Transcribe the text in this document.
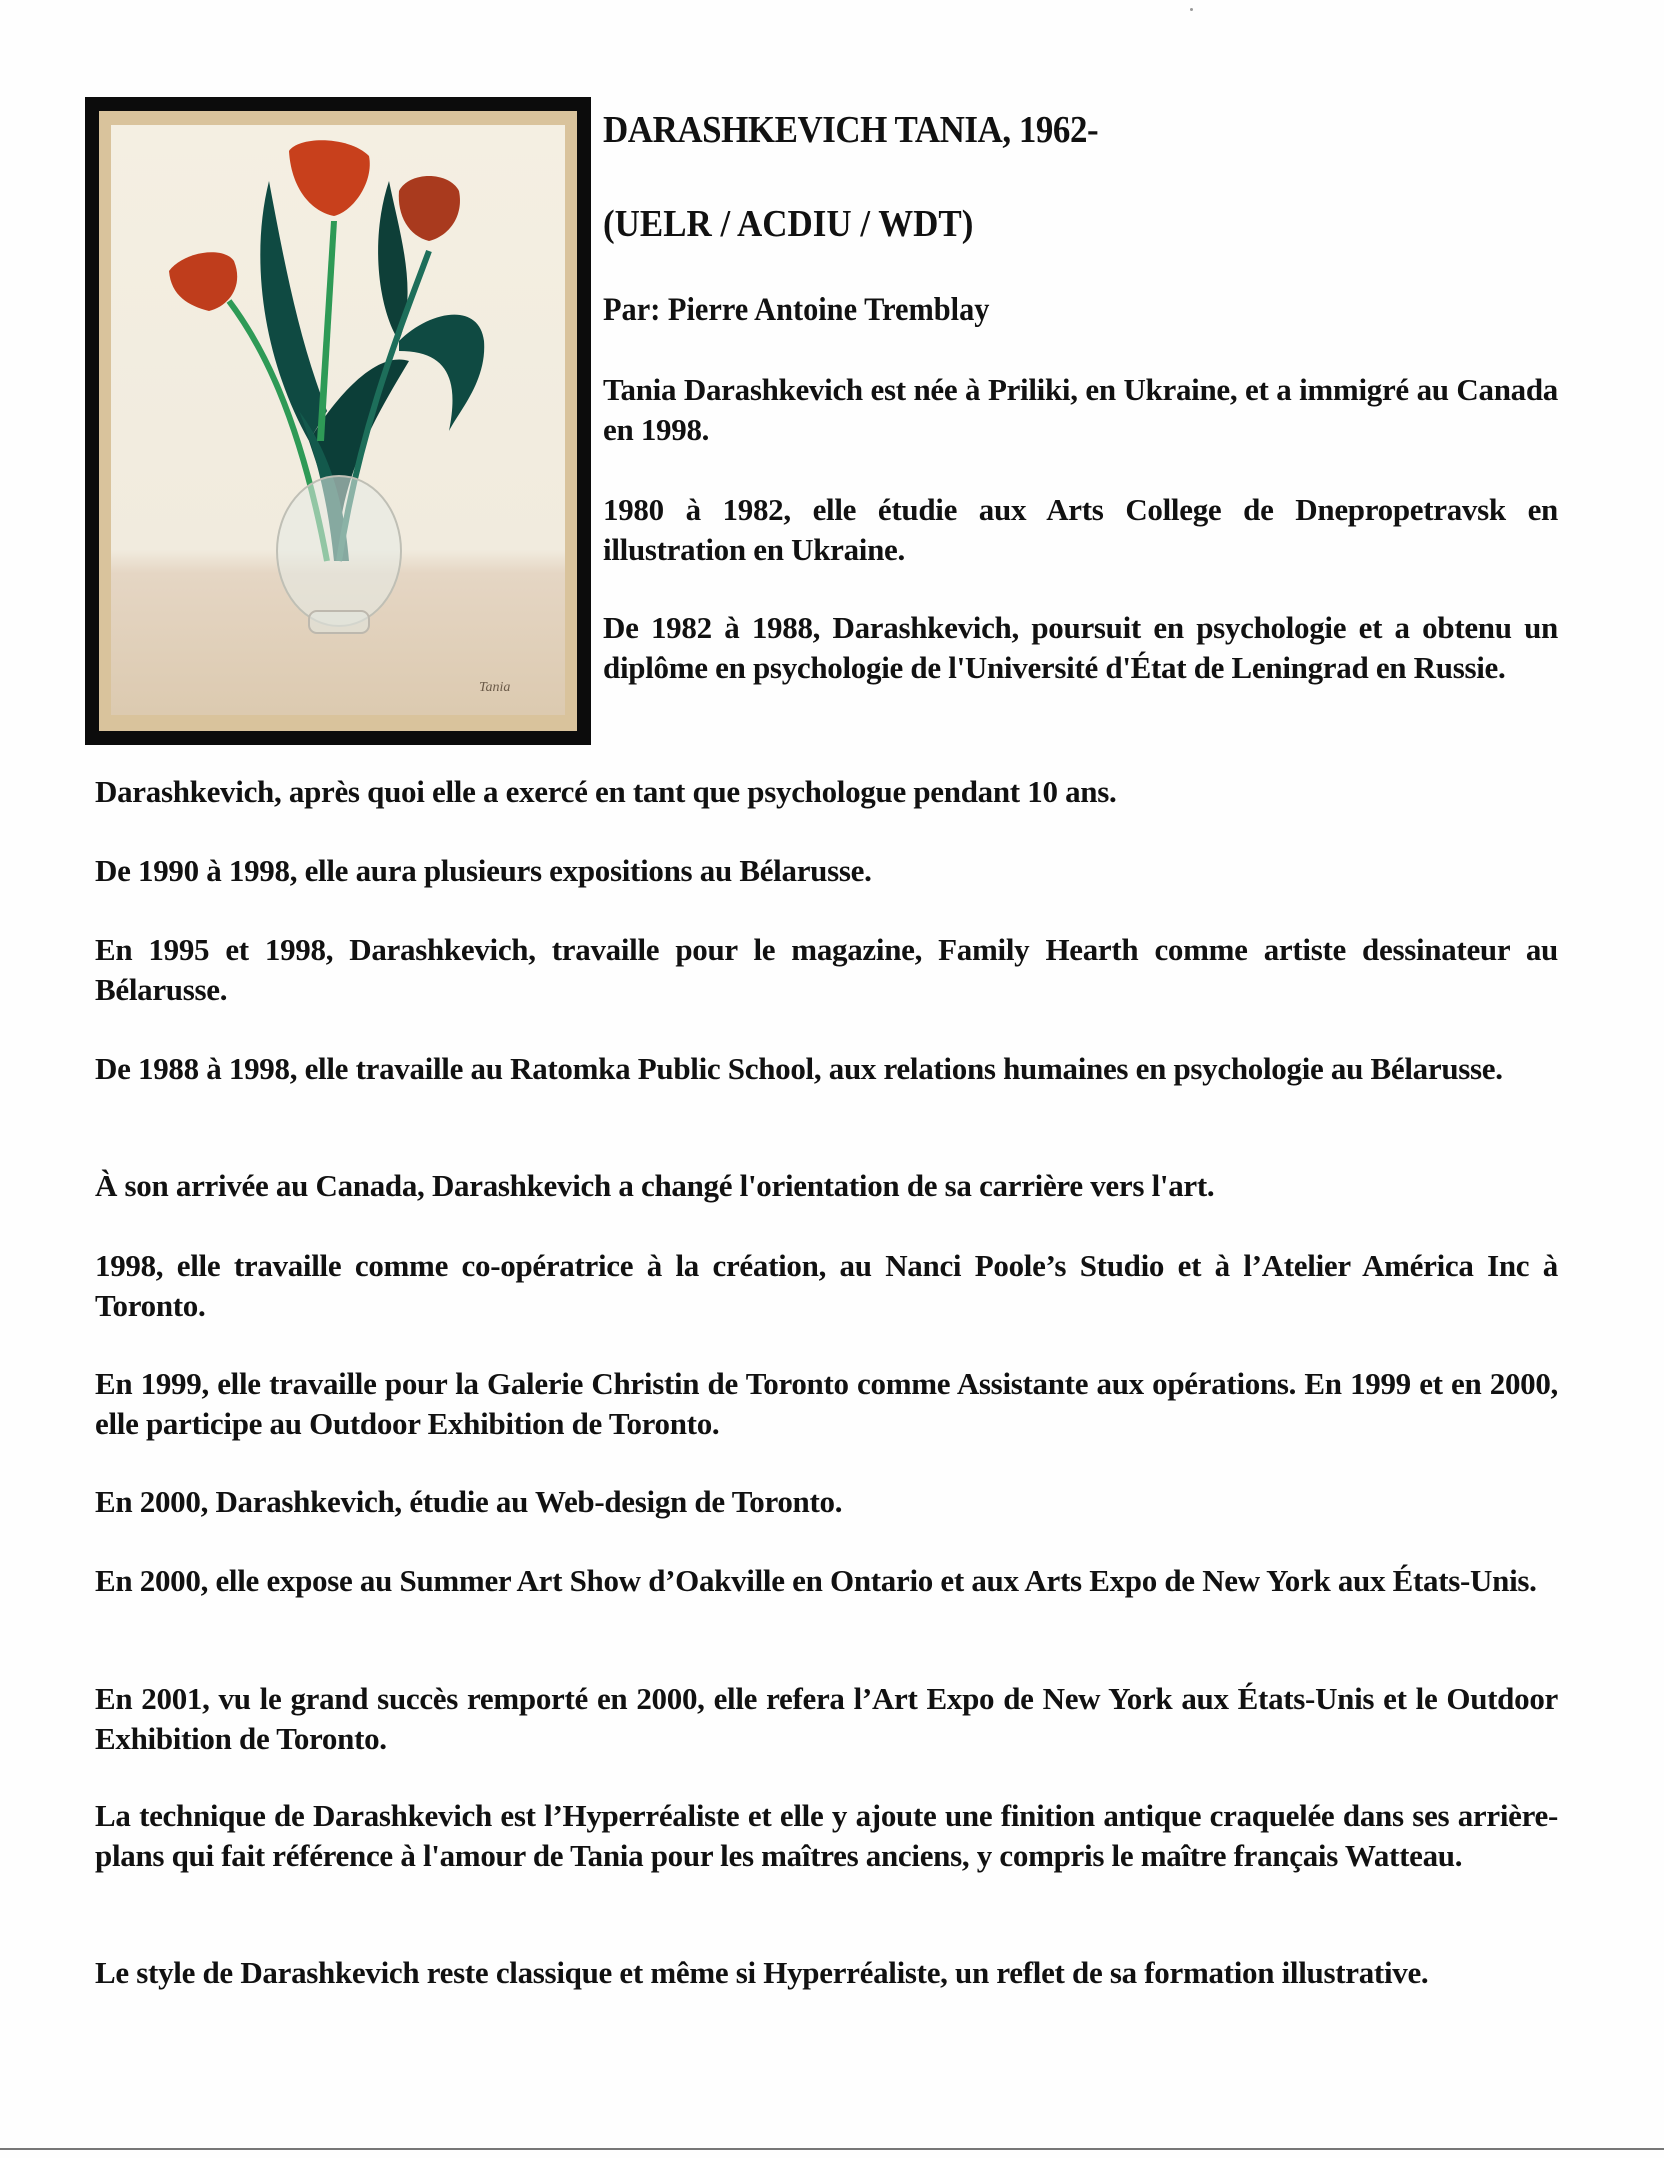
Tania
DARASHKEVICH TANIA, 1962-
(UELR / ACDIU / WDT)
Par: Pierre Antoine Tremblay

Tania Darashkevich est née à Priliki, en Ukraine, et a immigré au Canada en 1998.

1980 à 1982, elle étudie aux Arts College de Dnepropetravsk en illustration en Ukraine.

De 1982 à 1988, Darashkevich, poursuit en psychologie et a obtenu un diplôme en psychologie de l'Université d'État de Leningrad en Russie.

Darashkevich, après quoi elle a exercé en tant que psychologue pendant 10 ans.

De 1990 à 1998, elle aura plusieurs expositions au Bélarusse.

En 1995 et 1998, Darashkevich, travaille pour le magazine, Family Hearth comme artiste dessinateur au Bélarusse.

De 1988 à 1998, elle travaille au Ratomka Public School, aux relations humaines en psychologie au Bélarusse.

À son arrivée au Canada, Darashkevich a changé l'orientation de sa carrière vers l'art.

1998, elle travaille comme co-opératrice à la création, au Nanci Poole’s Studio et à l’Atelier América Inc à Toronto.

En 1999, elle travaille pour la Galerie Christin de Toronto comme Assistante aux opérations. En 1999 et en 2000, elle participe au Outdoor Exhibition de Toronto.

En 2000, Darashkevich, étudie au Web-design de Toronto.

En 2000, elle expose au Summer Art Show d’Oakville en Ontario et aux Arts Expo de New York aux États-Unis.

En 2001, vu le grand succès remporté en 2000, elle refera l’Art Expo de New York aux États-Unis et le Outdoor Exhibition de Toronto.

La technique de Darashkevich est l’Hyperréaliste et elle y ajoute une finition antique craquelée dans ses arrière-plans qui fait référence à l'amour de Tania pour les maîtres anciens, y compris le maître français Watteau.

Le style de Darashkevich reste classique et même si Hyperréaliste, un reflet de sa formation illustrative.
